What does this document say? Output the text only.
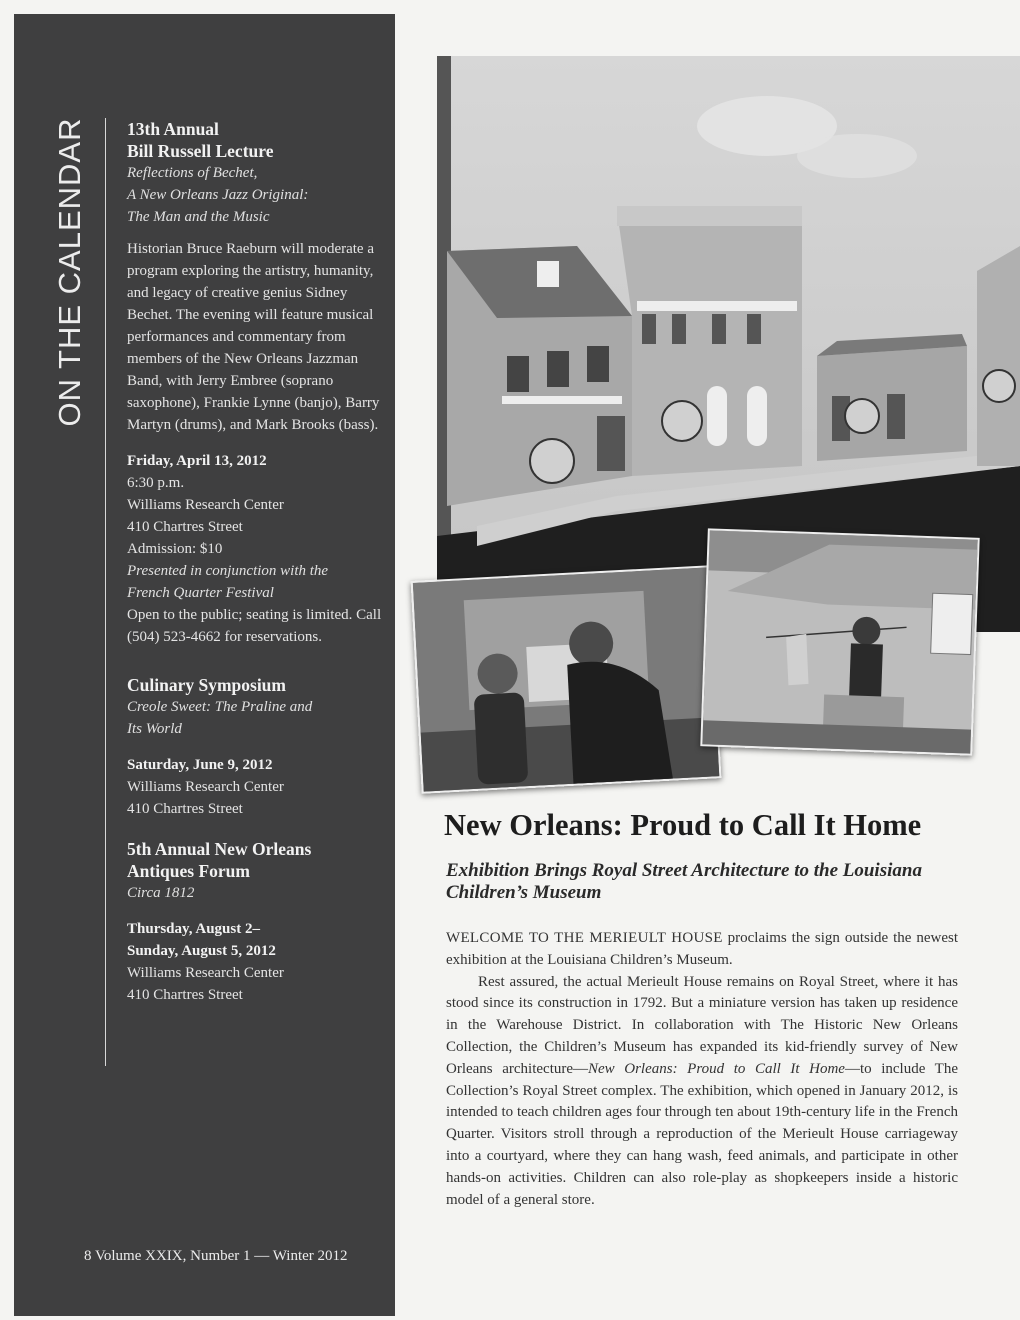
ON THE CALENDAR 13th Annual
Bill Russell Lecture
Reflections of Bechet,
A New Orleans Jazz Original:
The Man and the Music
Historian Bruce Raeburn will moderate a program exploring the artistry, humanity, and legacy of creative genius Sidney Bechet. The evening will feature musical performances and commentary from members of the New Orleans Jazzman Band, with Jerry Embree (soprano saxophone), Frankie Lynne (banjo), Barry Martyn (drums), and Mark Brooks (bass).
Friday, April 13, 2012
6:30 p.m.
Williams Research Center
410 Chartres Street
Admission: $10
Presented in conjunction with the
French Quarter Festival
Open to the public; seating is limited. Call (504) 523-4662 for reservations.
Culinary Symposium
Creole Sweet: The Praline and
Its World
Saturday, June 9, 2012
Williams Research Center
410 Chartres Street
5th Annual New Orleans
Antiques Forum
Circa 1812
Thursday, August 2–
Sunday, August 5, 2012
Williams Research Center
410 Chartres Street
8 Volume XXIX, Number 1 — Winter 2012
New Orleans: Proud to Call It Home
Exhibition Brings Royal Street Architecture to the Louisiana Children’s Museum

WELCOME TO THE MERIEULT HOUSE proclaims the sign outside the newest exhibition at the Louisiana Children’s Museum.

Rest assured, the actual Merieult House remains on Royal Street, where it has stood since its construction in 1792. But a miniature version has taken up residence in the Warehouse District. In collaboration with The Historic New Orleans Collection, the Children’s Museum has expanded its kid-friendly survey of New Orleans architecture—New Orleans: Proud to Call It Home—to include The Collection’s Royal Street complex. The exhibition, which opened in January 2012, is intended to teach children ages four through ten about 19th-century life in the French Quarter. Visitors stroll through a reproduction of the Merieult House carriageway into a courtyard, where they can hang wash, feed animals, and participate in other hands-on activities. Children can also role-play as shopkeepers inside a historic model of a general store.
